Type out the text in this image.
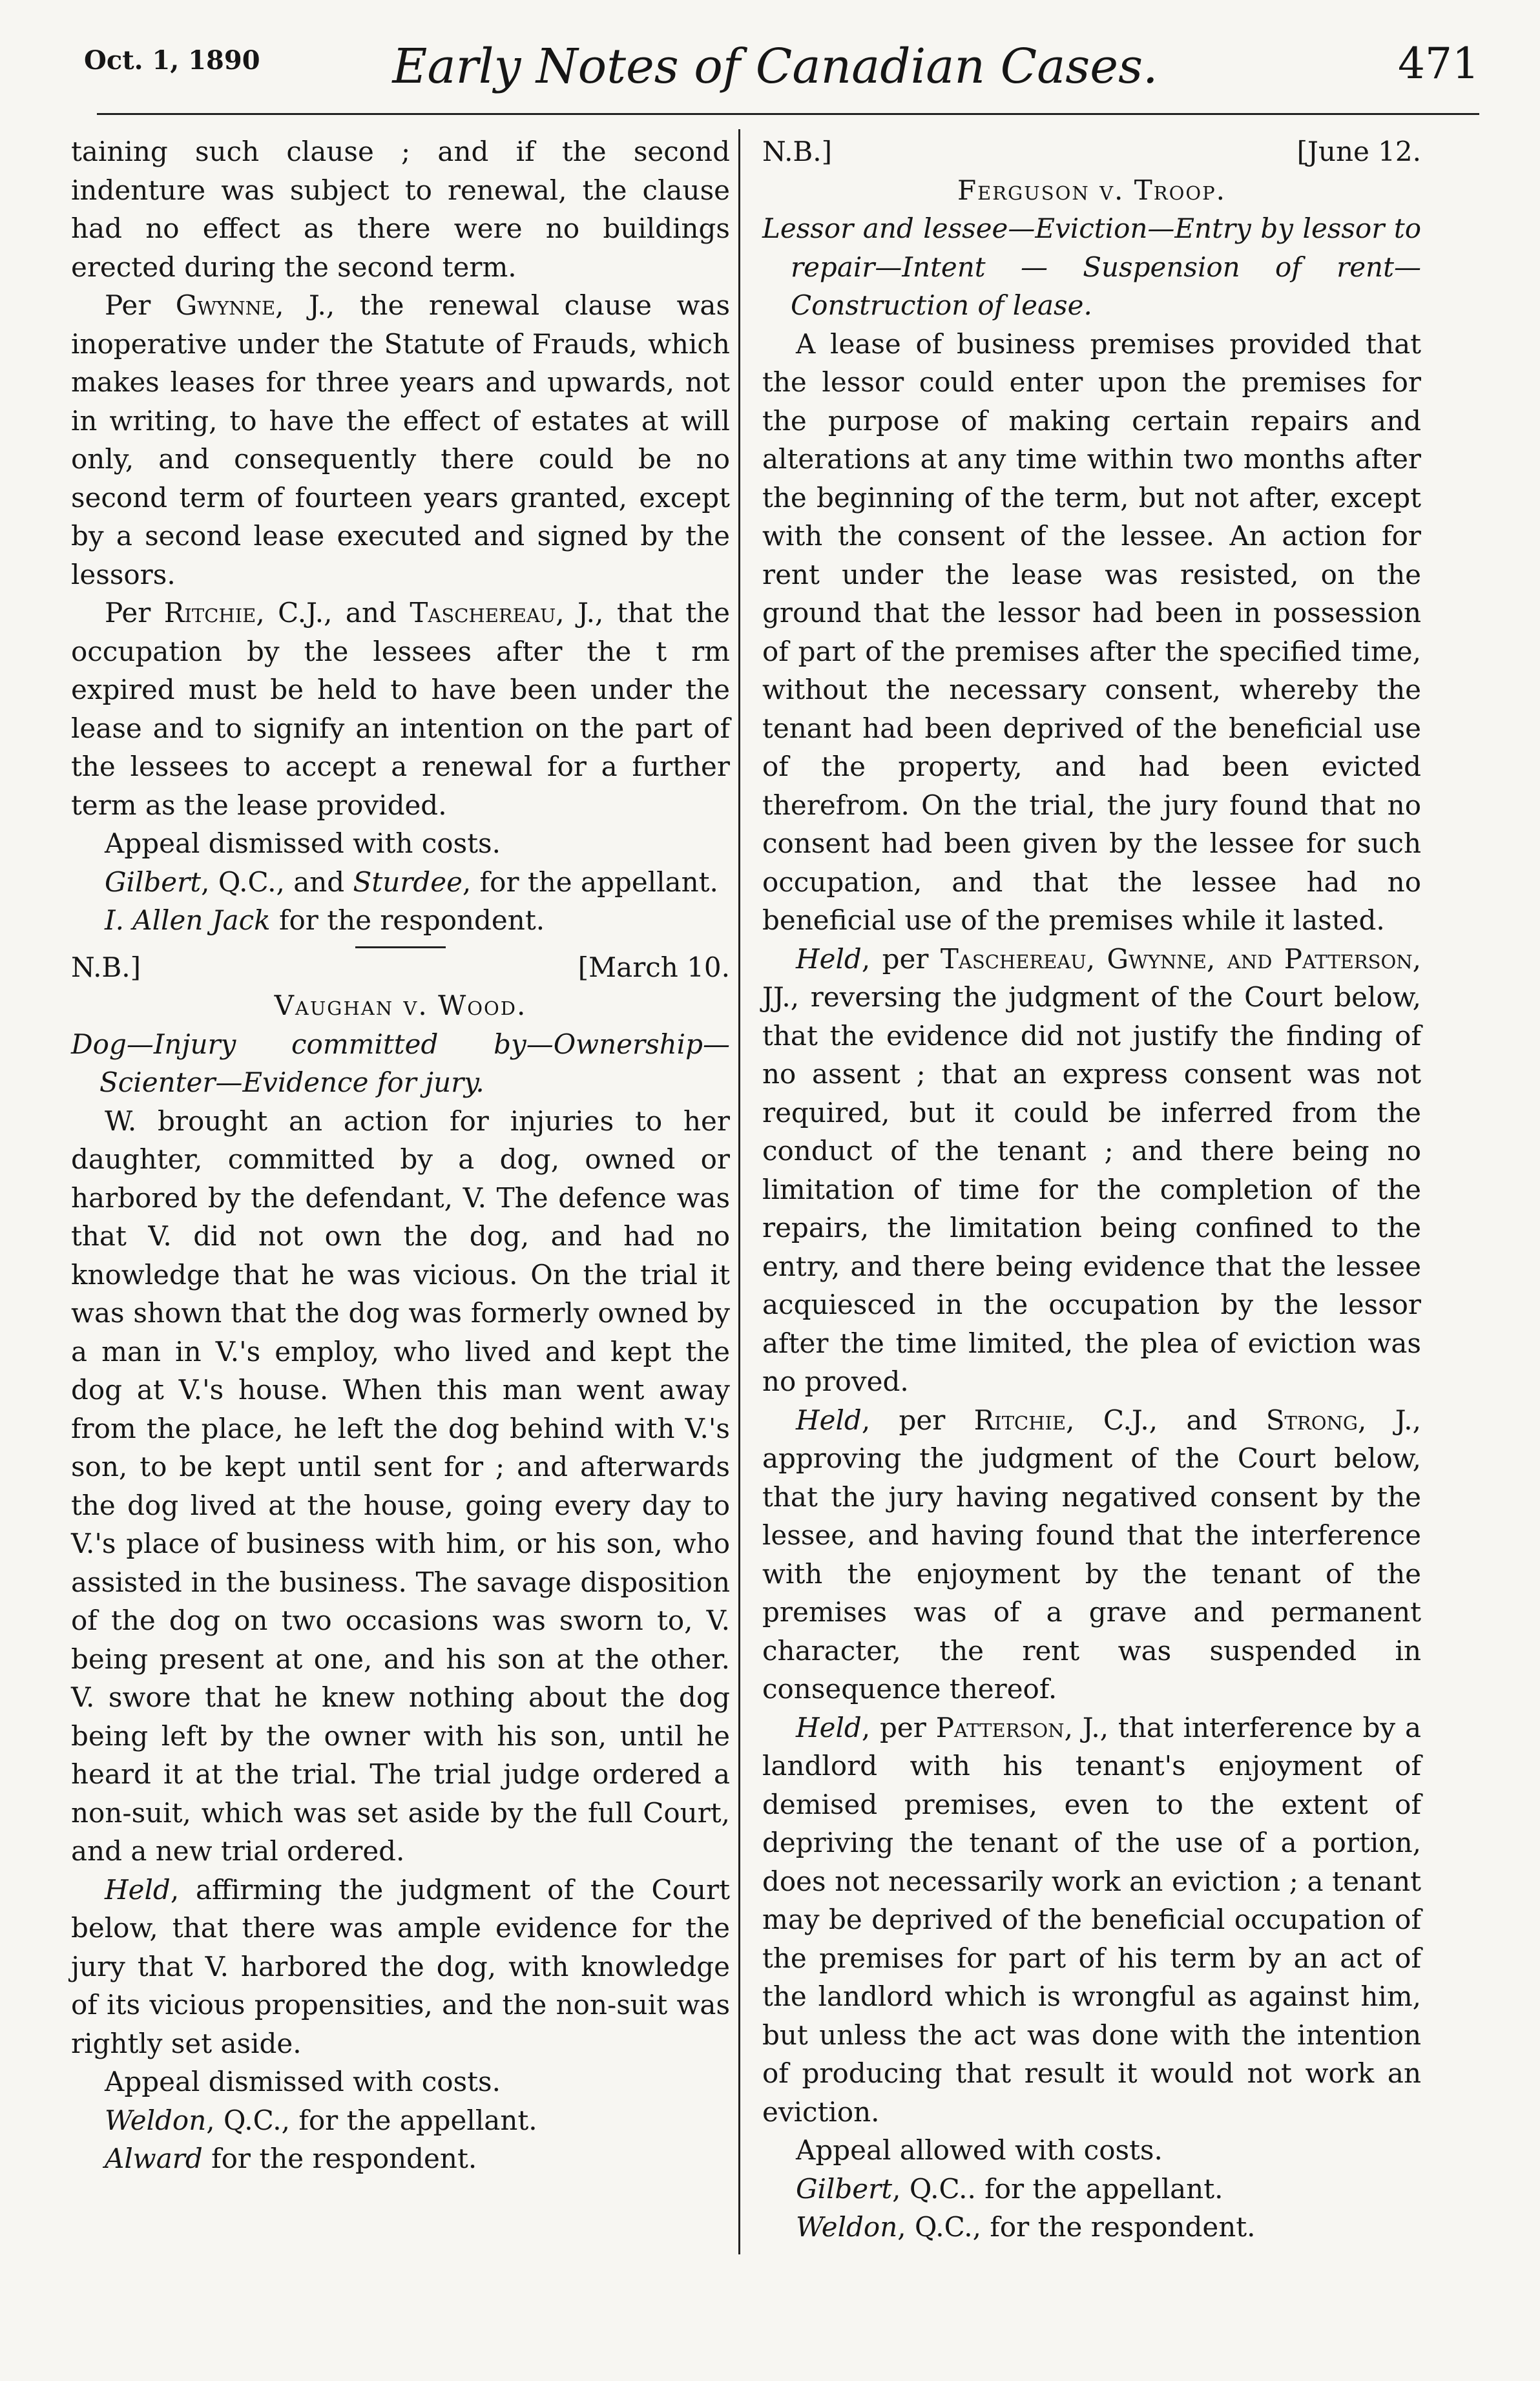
Oct. 1, 1890	Early Notes of Canadian Cases.	471

taining such clause ; and if the second indenture was subject to renewal, the clause had no effect as there were no buildings erected during the second term.

Per Gwynne, J., the renewal clause was inoperative under the Statute of Frauds, which makes leases for three years and upwards, not in writing, to have the effect of estates at will only, and consequently there could be no second term of fourteen years granted, except by a second lease executed and signed by the lessors.

Per Ritchie, C.J., and Taschereau, J., that the occupation by the lessees after the t rm expired must be held to have been under the lease and to signify an intention on the part of the lessees to accept a renewal for a further term as the lease provided.

Appeal dismissed with costs.

Gilbert, Q.C., and Sturdee, for the appellant.

I. Allen Jack for the respondent.

N.B.]	[March 10.

Vaughan v. Wood.

Dog—Injury committed by—Ownership—Scienter—Evidence for jury.

W. brought an action for injuries to her daughter, committed by a dog, owned or harbored by the defendant, V. The defence was that V. did not own the dog, and had no knowledge that he was vicious. On the trial it was shown that the dog was formerly owned by a man in V.'s employ, who lived and kept the dog at V.'s house. When this man went away from the place, he left the dog behind with V.'s son, to be kept until sent for ; and afterwards the dog lived at the house, going every day to V.'s place of business with him, or his son, who assisted in the business. The savage disposition of the dog on two occasions was sworn to, V. being present at one, and his son at the other. V. swore that he knew nothing about the dog being left by the owner with his son, until he heard it at the trial. The trial judge ordered a non-suit, which was set aside by the full Court, and a new trial ordered.

Held, affirming the judgment of the Court below, that there was ample evidence for the jury that V. harbored the dog, with knowledge of its vicious propensities, and the non-suit was rightly set aside.

Appeal dismissed with costs.

Weldon, Q.C., for the appellant.

Alward for the respondent.

N.B.]	[June 12.

Ferguson v. Troop.

Lessor and lessee—Eviction—Entry by lessor to repair—Intent — Suspension of rent—Construction of lease.

A lease of business premises provided that the lessor could enter upon the premises for the purpose of making certain repairs and alterations at any time within two months after the beginning of the term, but not after, except with the consent of the lessee. An action for rent under the lease was resisted, on the ground that the lessor had been in possession of part of the premises after the specified time, without the necessary consent, whereby the tenant had been deprived of the beneficial use of the property, and had been evicted therefrom. On the trial, the jury found that no consent had been given by the lessee for such occupation, and that the lessee had no beneficial use of the premises while it lasted.

Held, per Taschereau, Gwynne, and Patterson, JJ., reversing the judgment of the Court below, that the evidence did not justify the finding of no assent ; that an express consent was not required, but it could be inferred from the conduct of the tenant ; and there being no limitation of time for the completion of the repairs, the limitation being confined to the entry, and there being evidence that the lessee acquiesced in the occupation by the lessor after the time limited, the plea of eviction was no proved.

Held, per Ritchie, C.J., and Strong, J., approving the judgment of the Court below, that the jury having negatived consent by the lessee, and having found that the interference with the enjoyment by the tenant of the premises was of a grave and permanent character, the rent was suspended in consequence thereof.

Held, per Patterson, J., that interference by a landlord with his tenant's enjoyment of demised premises, even to the extent of depriving the tenant of the use of a portion, does not necessarily work an eviction ; a tenant may be deprived of the beneficial occupation of the premises for part of his term by an act of the landlord which is wrongful as against him, but unless the act was done with the intention of producing that result it would not work an eviction.

Appeal allowed with costs.

Gilbert, Q.C.. for the appellant.

Weldon, Q.C., for the respondent.
